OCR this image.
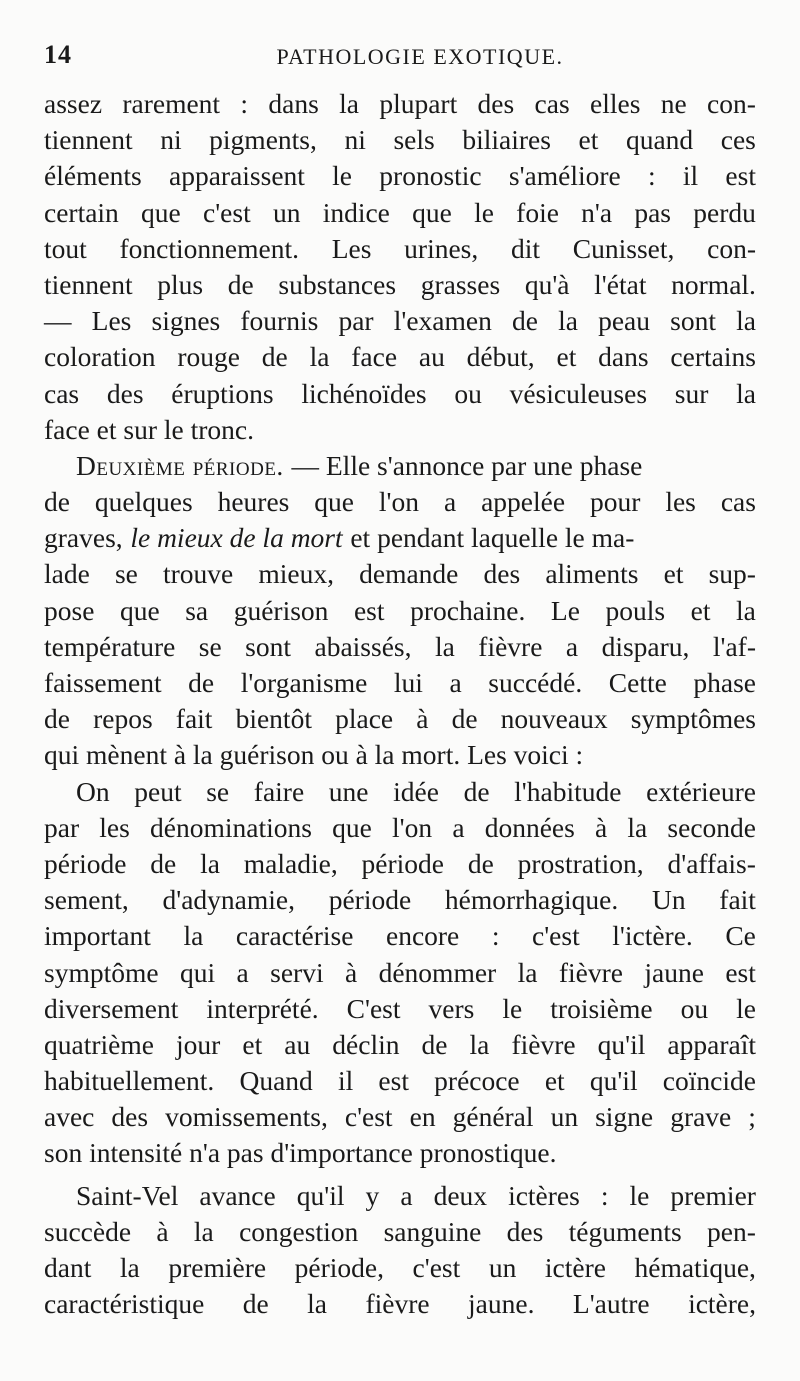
14	PATHOLOGIE EXOTIQUE.
assez rarement : dans la plupart des cas elles ne con-
tiennent ni pigments, ni sels biliaires et quand ces
éléments apparaissent le pronostic s'améliore : il est
certain que c'est un indice que le foie n'a pas perdu
tout fonctionnement. Les urines, dit Cunisset, con-
tiennent plus de substances grasses qu'à l'état normal.
— Les signes fournis par l'examen de la peau sont la
coloration rouge de la face au début, et dans certains
cas des éruptions lichénoïdes ou vésiculeuses sur la
face et sur le tronc.
Deuxième période. — Elle s'annonce par une phase
de quelques heures que l'on a appelée pour les cas
graves, le mieux de la mort et pendant laquelle le ma-
lade se trouve mieux, demande des aliments et sup-
pose que sa guérison est prochaine. Le pouls et la
température se sont abaissés, la fièvre a disparu, l'af-
faissement de l'organisme lui a succédé. Cette phase
de repos fait bientôt place à de nouveaux symptômes
qui mènent à la guérison ou à la mort. Les voici :
On peut se faire une idée de l'habitude extérieure
par les dénominations que l'on a données à la seconde
période de la maladie, période de prostration, d'affais-
sement, d'adynamie, période hémorrhagique. Un fait
important la caractérise encore : c'est l'ictère. Ce
symptôme qui a servi à dénommer la fièvre jaune est
diversement interprété. C'est vers le troisième ou le
quatrième jour et au déclin de la fièvre qu'il apparaît
habituellement. Quand il est précoce et qu'il coïncide
avec des vomissements, c'est en général un signe grave ;
son intensité n'a pas d'importance pronostique.
Saint-Vel avance qu'il y a deux ictères : le premier
succède à la congestion sanguine des téguments pen-
dant la première période, c'est un ictère hématique,
caractéristique de la fièvre jaune. L'autre ictère,
